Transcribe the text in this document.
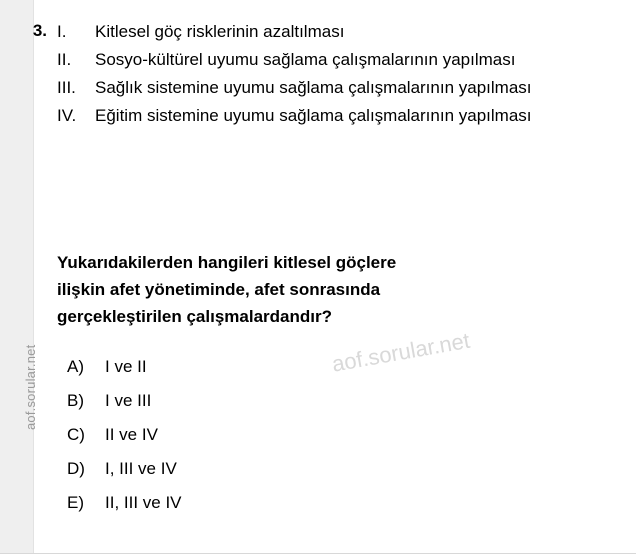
aof.sorular.net
3. I.	Kitlesel göç risklerinin azaltılması
II.	Sosyo-kültürel uyumu sağlama çalışmalarının yapılması
III.	Sağlık sistemine uyumu sağlama çalışmalarının yapılması
IV.	Eğitim sistemine uyumu sağlama çalışmalarının yapılması
Yukarıdakilerden hangileri kitlesel göçlere
ilişkin afet yönetiminde, afet sonrasında
gerçekleştirilen çalışmalardandır?
A)	I ve II
B)	I ve III
C)	II ve IV
D)	I, III ve IV
E)	II, III ve IV
aof.sorular.net
